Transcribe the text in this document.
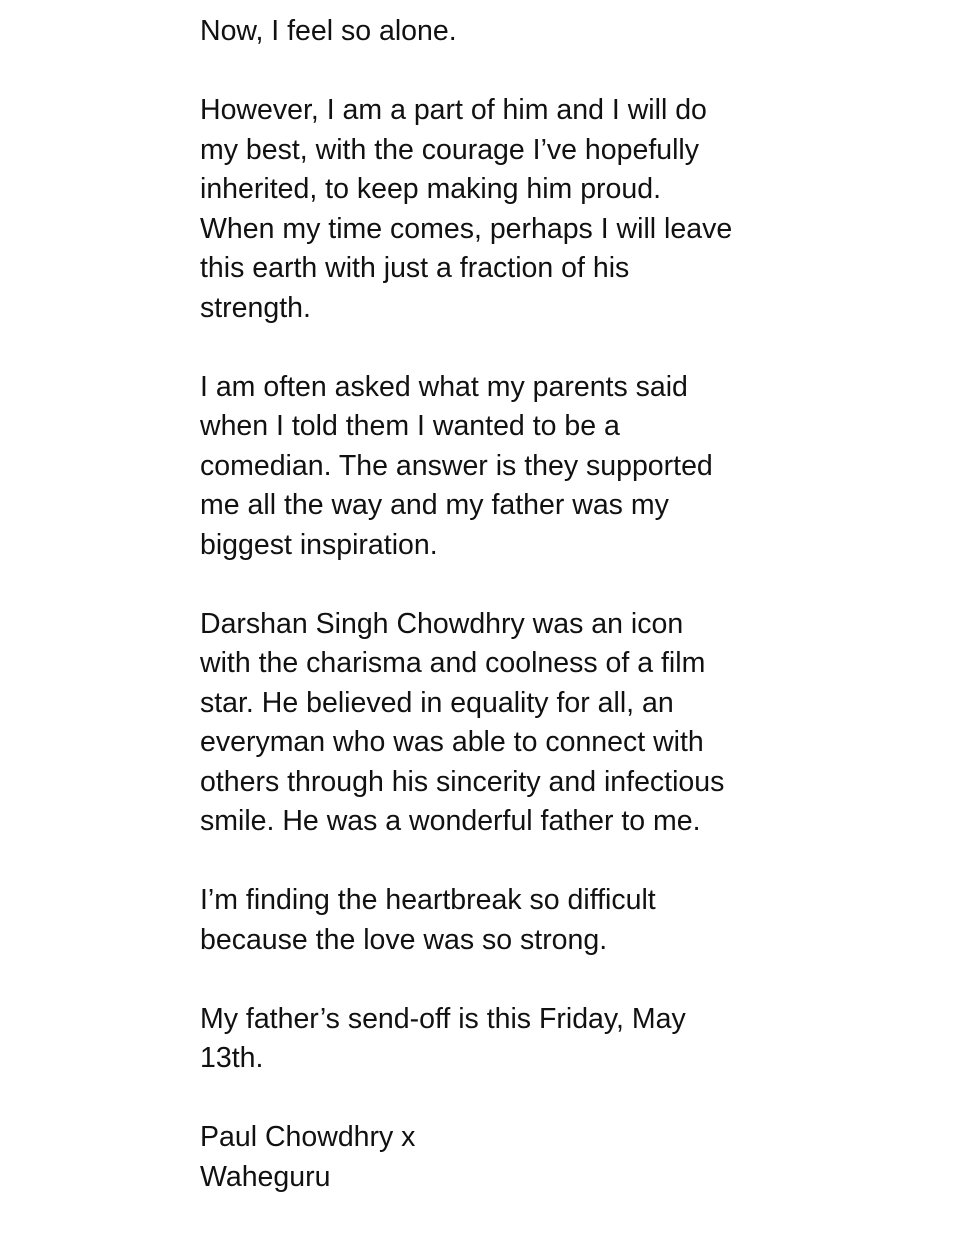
Now, I feel so alone.

However, I am a part of him and I will do
my best, with the courage I’ve hopefully
inherited, to keep making him proud.
When my time comes, perhaps I will leave
this earth with just a fraction of his
strength.

I am often asked what my parents said
when I told them I wanted to be a
comedian. The answer is they supported
me all the way and my father was my
biggest inspiration.

Darshan Singh Chowdhry was an icon
with the charisma and coolness of a film
star. He believed in equality for all, an
everyman who was able to connect with
others through his sincerity and infectious
smile. He was a wonderful father to me.

I’m finding the heartbreak so difficult
because the love was so strong.

My father’s send-off is this Friday, May
13th.

Paul Chowdhry x
Waheguru
